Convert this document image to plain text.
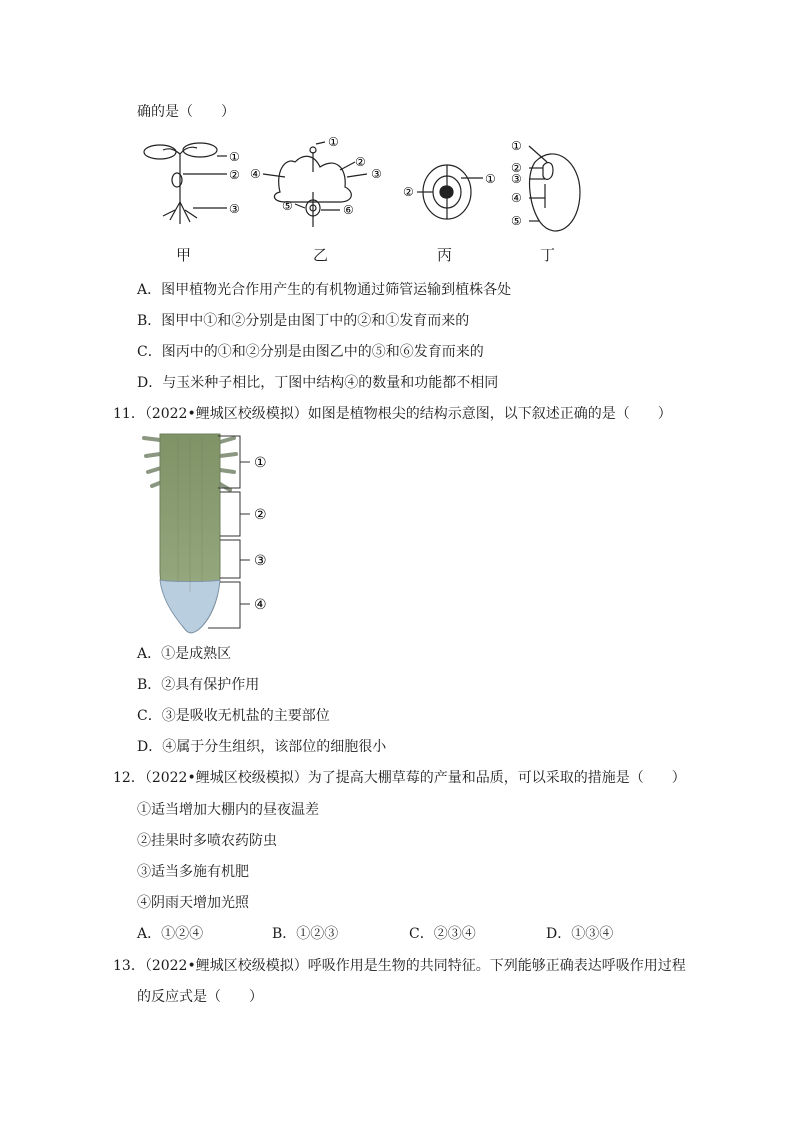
确的是（　　）
①
②
③
①
②
③
④
⑤	⑥
①
②
①
②
③
④
⑤
甲	乙	丙	丁
A．图甲植物光合作用产生的有机物通过筛管运输到植株各处
B．图甲中①和②分别是由图丁中的②和①发育而来的
C．图丙中的①和②分别是由图乙中的⑤和⑥发育而来的
D．与玉米种子相比，丁图中结构④的数量和功能都不相同
11．（2022•鲤城区校级模拟）如图是植物根尖的结构示意图，以下叙述正确的是（　　）
①
②
③
④
A．①是成熟区
B．②具有保护作用
C．③是吸收无机盐的主要部位
D．④属于分生组织，该部位的细胞很小
12．（2022•鲤城区校级模拟）为了提高大棚草莓的产量和品质，可以采取的措施是（　　）
①适当增加大棚内的昼夜温差
②挂果时多喷农药防虫
③适当多施有机肥
④阴雨天增加光照
A．①②④	B．①②③	C．②③④	D．①③④
13．（2022•鲤城区校级模拟）呼吸作用是生物的共同特征。下列能够正确表达呼吸作用过程
的反应式是（　　）
